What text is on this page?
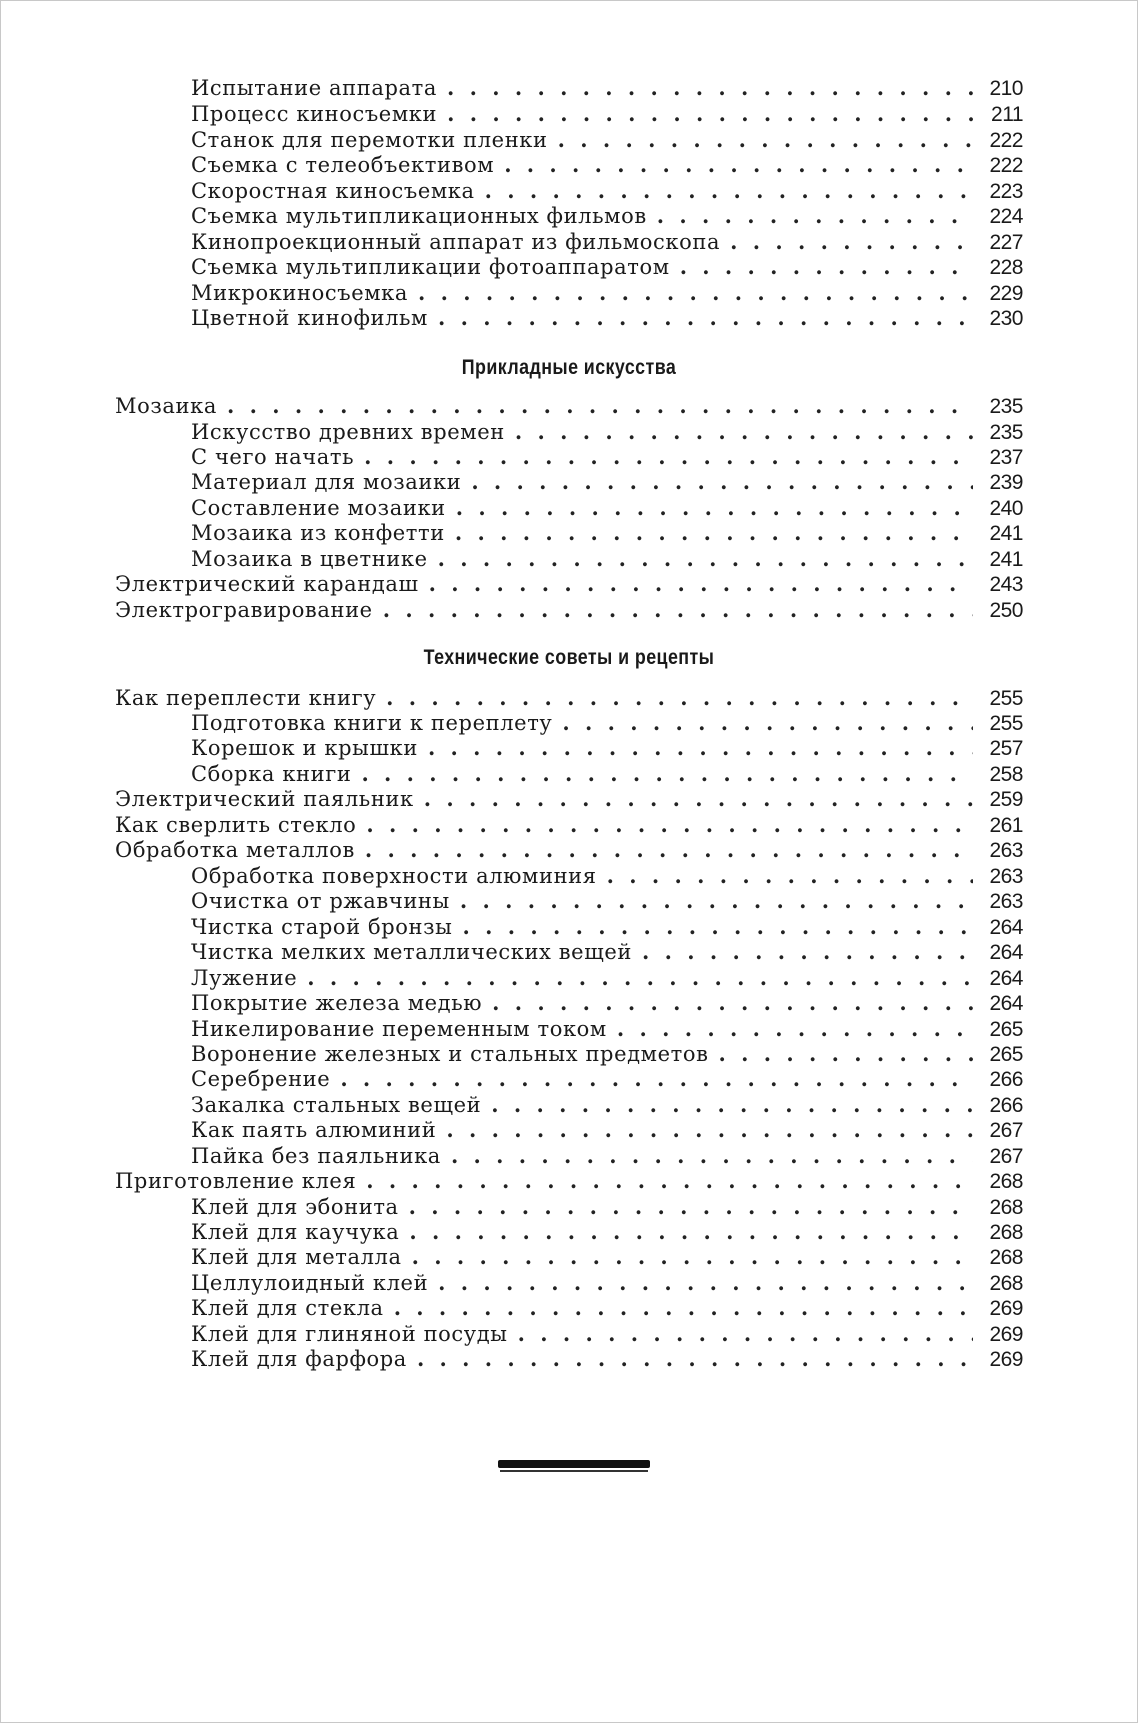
Испытание аппарата . . .	210
Процесс киносъемки . . .	211
Станок для перемотки пленки . . .	222
Съемка с телеобъективом . . .	222
Скоростная киносъемка . . .	223
Съемка мультипликационных фильмов . . .	224
Кинопроекционный аппарат из фильмоскопа . . .	227
Съемка мультипликации фотоаппаратом . . .	228
Микрокиносъемка . . .	229
Цветной кинофильм . . .	230
Прикладные искусства
Мозаика . . .	235
Искусство древних времен . . .	235
С чего начать . . .	237
Материал для мозаики . . .	239
Составление мозаики . . .	240
Мозаика из конфетти . . .	241
Мозаика в цветнике . . .	241
Электрический карандаш . . .	243
Электрогравирование . . .	250
Технические советы и рецепты
Как переплести книгу . . .	255
Подготовка книги к переплету . . .	255
Корешок и крышки . . .	257
Сборка книги . . .	258
Электрический паяльник . . .	259
Как сверлить стекло . . .	261
Обработка металлов . . .	263
Обработка поверхности алюминия . . .	263
Очистка от ржавчины . . .	263
Чистка старой бронзы . . .	264
Чистка мелких металлических вещей . . .	264
Лужение . . .	264
Покрытие железа медью . . .	264
Никелирование переменным током . . .	265
Воронение железных и стальных предметов . . .	265
Серебрение . . .	266
Закалка стальных вещей . . .	266
Как паять алюминий . . .	267
Пайка без паяльника . . .	267
Приготовление клея . . .	268
Клей для эбонита . . .	268
Клей для каучука . . .	268
Клей для металла . . .	268
Целлулоидный клей . . .	268
Клей для стекла . . .	269
Клей для глиняной посуды . . .	269
Клей для фарфора . . .	269
